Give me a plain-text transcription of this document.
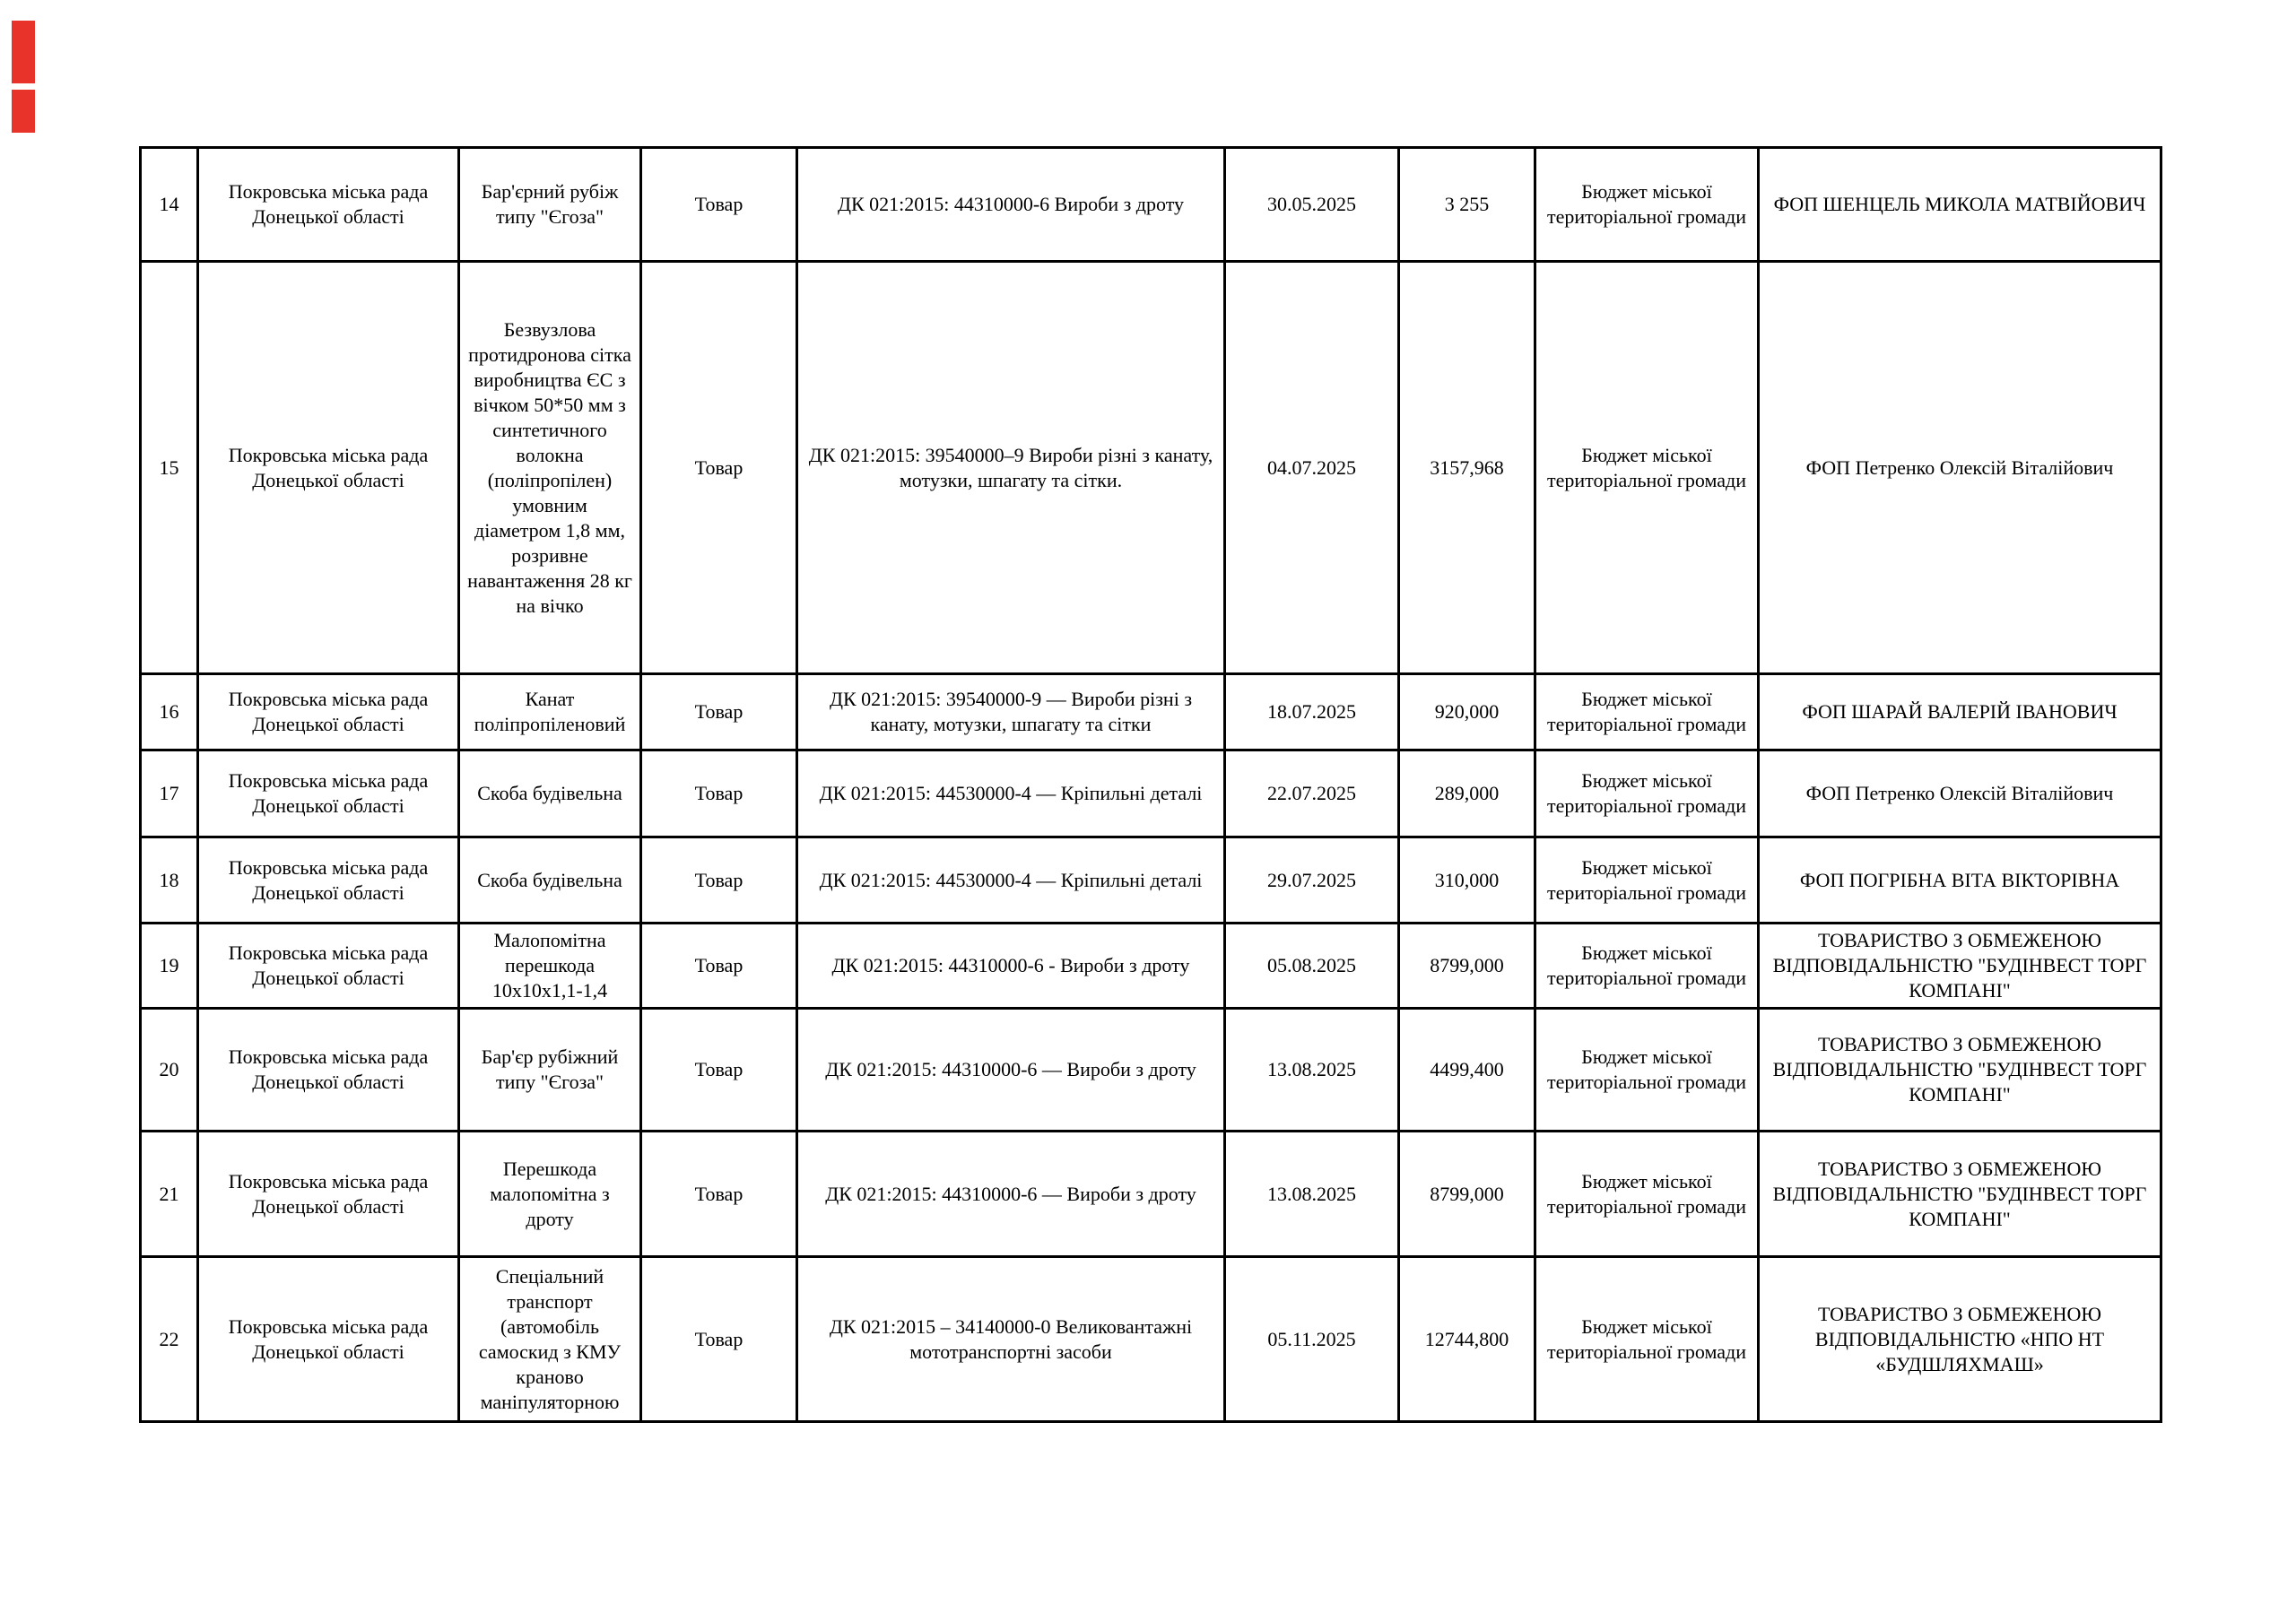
14	Покровська міська рада Донецької області	Бар'єрний рубіж типу "Єгоза"	Товар	ДК 021:2015: 44310000-6 Вироби з дроту	30.05.2025	3 255	Бюджет міської територіальної громади	ФОП ШЕНЦЕЛЬ МИКОЛА МАТВІЙОВИЧ
15	Покровська міська рада Донецької області	Безвузлова протидронова сітка виробництва ЄС з вічком 50*50 мм з синтетичного волокна (поліпропілен) умовним діаметром 1,8 мм, розривне навантаження 28 кг на вічко	Товар	ДК 021:2015: 39540000–9 Вироби різні з канату, мотузки, шпагату та сітки.	04.07.2025	3157,968	Бюджет міської територіальної громади	ФОП Петренко Олексій Віталійович
16	Покровська міська рада Донецької області	Канат поліпропіленовий	Товар	ДК 021:2015: 39540000-9 — Вироби різні з канату, мотузки, шпагату та сітки	18.07.2025	920,000	Бюджет міської територіальної громади	ФОП ШАРАЙ ВАЛЕРІЙ ІВАНОВИЧ
17	Покровська міська рада Донецької області	Скоба будівельна	Товар	ДК 021:2015: 44530000-4 — Кріпильні деталі	22.07.2025	289,000	Бюджет міської територіальної громади	ФОП Петренко Олексій Віталійович
18	Покровська міська рада Донецької області	Скоба будівельна	Товар	ДК 021:2015: 44530000-4 — Кріпильні деталі	29.07.2025	310,000	Бюджет міської територіальної громади	ФОП ПОГРІБНА ВІТА ВІКТОРІВНА
19	Покровська міська рада Донецької області	Малопомітна перешкода 10х10х1,1-1,4	Товар	ДК 021:2015: 44310000-6 - Вироби з дроту	05.08.2025	8799,000	Бюджет міської територіальної громади	ТОВАРИСТВО З ОБМЕЖЕНОЮ ВІДПОВІДАЛЬНІСТЮ "БУДІНВЕСТ ТОРГ КОМПАНІ"
20	Покровська міська рада Донецької області	Бар'єр рубіжний типу "Єгоза"	Товар	ДК 021:2015: 44310000-6 — Вироби з дроту	13.08.2025	4499,400	Бюджет міської територіальної громади	ТОВАРИСТВО З ОБМЕЖЕНОЮ ВІДПОВІДАЛЬНІСТЮ "БУДІНВЕСТ ТОРГ КОМПАНІ"
21	Покровська міська рада Донецької області	Перешкода малопомітна з дроту	Товар	ДК 021:2015: 44310000-6 — Вироби з дроту	13.08.2025	8799,000	Бюджет міської територіальної громади	ТОВАРИСТВО З ОБМЕЖЕНОЮ ВІДПОВІДАЛЬНІСТЮ "БУДІНВЕСТ ТОРГ КОМПАНІ"
22	Покровська міська рада Донецької області	Спеціальний транспорт (автомобіль самоскид з КМУ краново маніпуляторною	Товар	ДК 021:2015 – 34140000-0 Великовантажні мототранспортні засоби	05.11.2025	12744,800	Бюджет міської територіальної громади	ТОВАРИСТВО З ОБМЕЖЕНОЮ ВІДПОВІДАЛЬНІСТЮ «НПО НТ «БУДШЛЯХМАШ»
